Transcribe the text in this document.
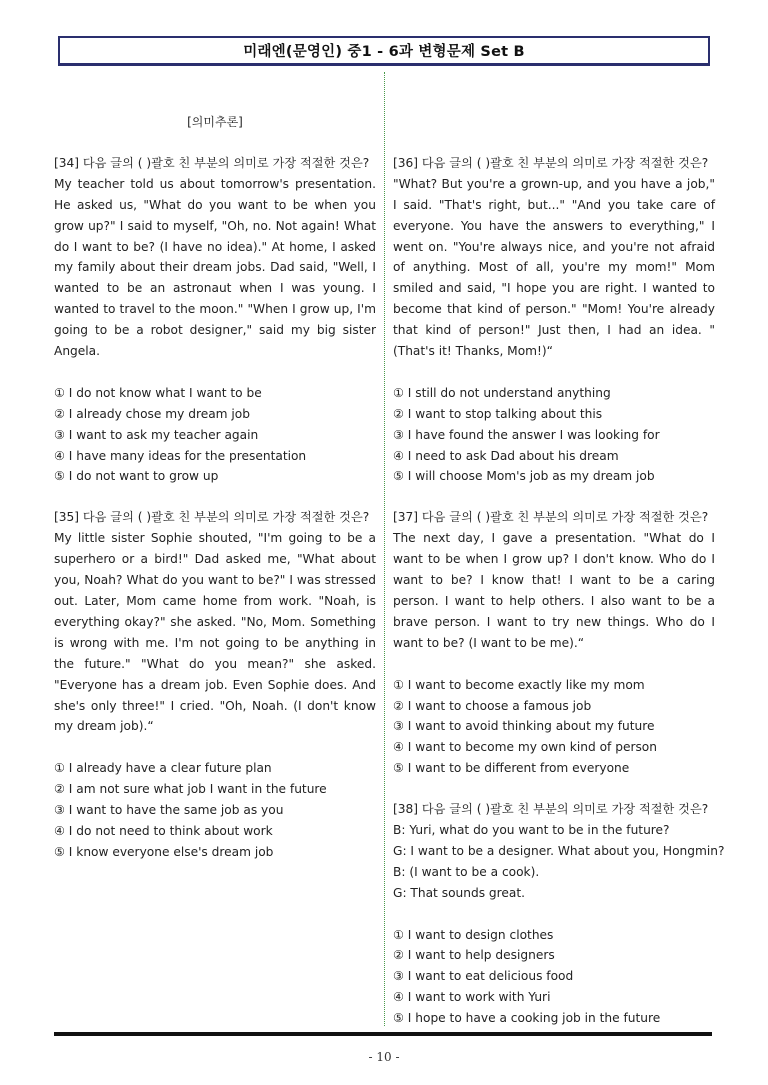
미래엔(문영인) 중1 - 6과 변형문제 Set B
[의미추론]
[34] 다음 글의 ( )괄호 친 부분의 의미로 가장 적절한 것은?
My teacher told us about tomorrow's presentation. He asked us, "What do you want to be when you grow up?" I said to myself, "Oh, no. Not again! What do I want to be? (I have no idea)." At home, I asked my family about their dream jobs. Dad said, "Well, I wanted to be an astronaut when I was young. I wanted to travel to the moon." "When I grow up, I'm going to be a robot designer," said my big sister Angela.
① I do not know what I want to be
② I already chose my dream job
③ I want to ask my teacher again
④ I have many ideas for the presentation
⑤ I do not want to grow up
[35] 다음 글의 ( )괄호 친 부분의 의미로 가장 적절한 것은?
My little sister Sophie shouted, "I'm going to be a superhero or a bird!" Dad asked me, "What about you, Noah? What do you want to be?" I was stressed out. Later, Mom came home from work. "Noah, is everything okay?" she asked. "No, Mom. Something is wrong with me. I'm not going to be anything in the future." "What do you mean?" she asked. "Everyone has a dream job. Even Sophie does. And she's only three!" I cried. "Oh, Noah. (I don't know my dream job).“
① I already have a clear future plan
② I am not sure what job I want in the future
③ I want to have the same job as you
④ I do not need to think about work
⑤ I know everyone else's dream job
[36] 다음 글의 ( )괄호 친 부분의 의미로 가장 적절한 것은?
"What? But you're a grown-up, and you have a job," I said. "That's right, but..." "And you take care of everyone. You have the answers to everything," I went on. "You're always nice, and you're not afraid of anything. Most of all, you're my mom!" Mom smiled and said, "I hope you are right. I wanted to become that kind of person." "Mom! You're already that kind of person!" Just then, I had an idea. "(That's it! Thanks, Mom!)“
① I still do not understand anything
② I want to stop talking about this
③ I have found the answer I was looking for
④ I need to ask Dad about his dream
⑤ I will choose Mom's job as my dream job
[37] 다음 글의 ( )괄호 친 부분의 의미로 가장 적절한 것은?
The next day, I gave a presentation. "What do I want to be when I grow up? I don't know. Who do I want to be? I know that! I want to be a caring person. I want to help others. I also want to be a brave person. I want to try new things. Who do I want to be? (I want to be me).“
① I want to become exactly like my mom
② I want to choose a famous job
③ I want to avoid thinking about my future
④ I want to become my own kind of person
⑤ I want to be different from everyone
[38] 다음 글의 ( )괄호 친 부분의 의미로 가장 적절한 것은?
B: Yuri, what do you want to be in the future?
G: I want to be a designer. What about you, Hongmin?
B: (I want to be a cook).
G: That sounds great.
① I want to design clothes
② I want to help designers
③ I want to eat delicious food
④ I want to work with Yuri
⑤ I hope to have a cooking job in the future
- 10 -
